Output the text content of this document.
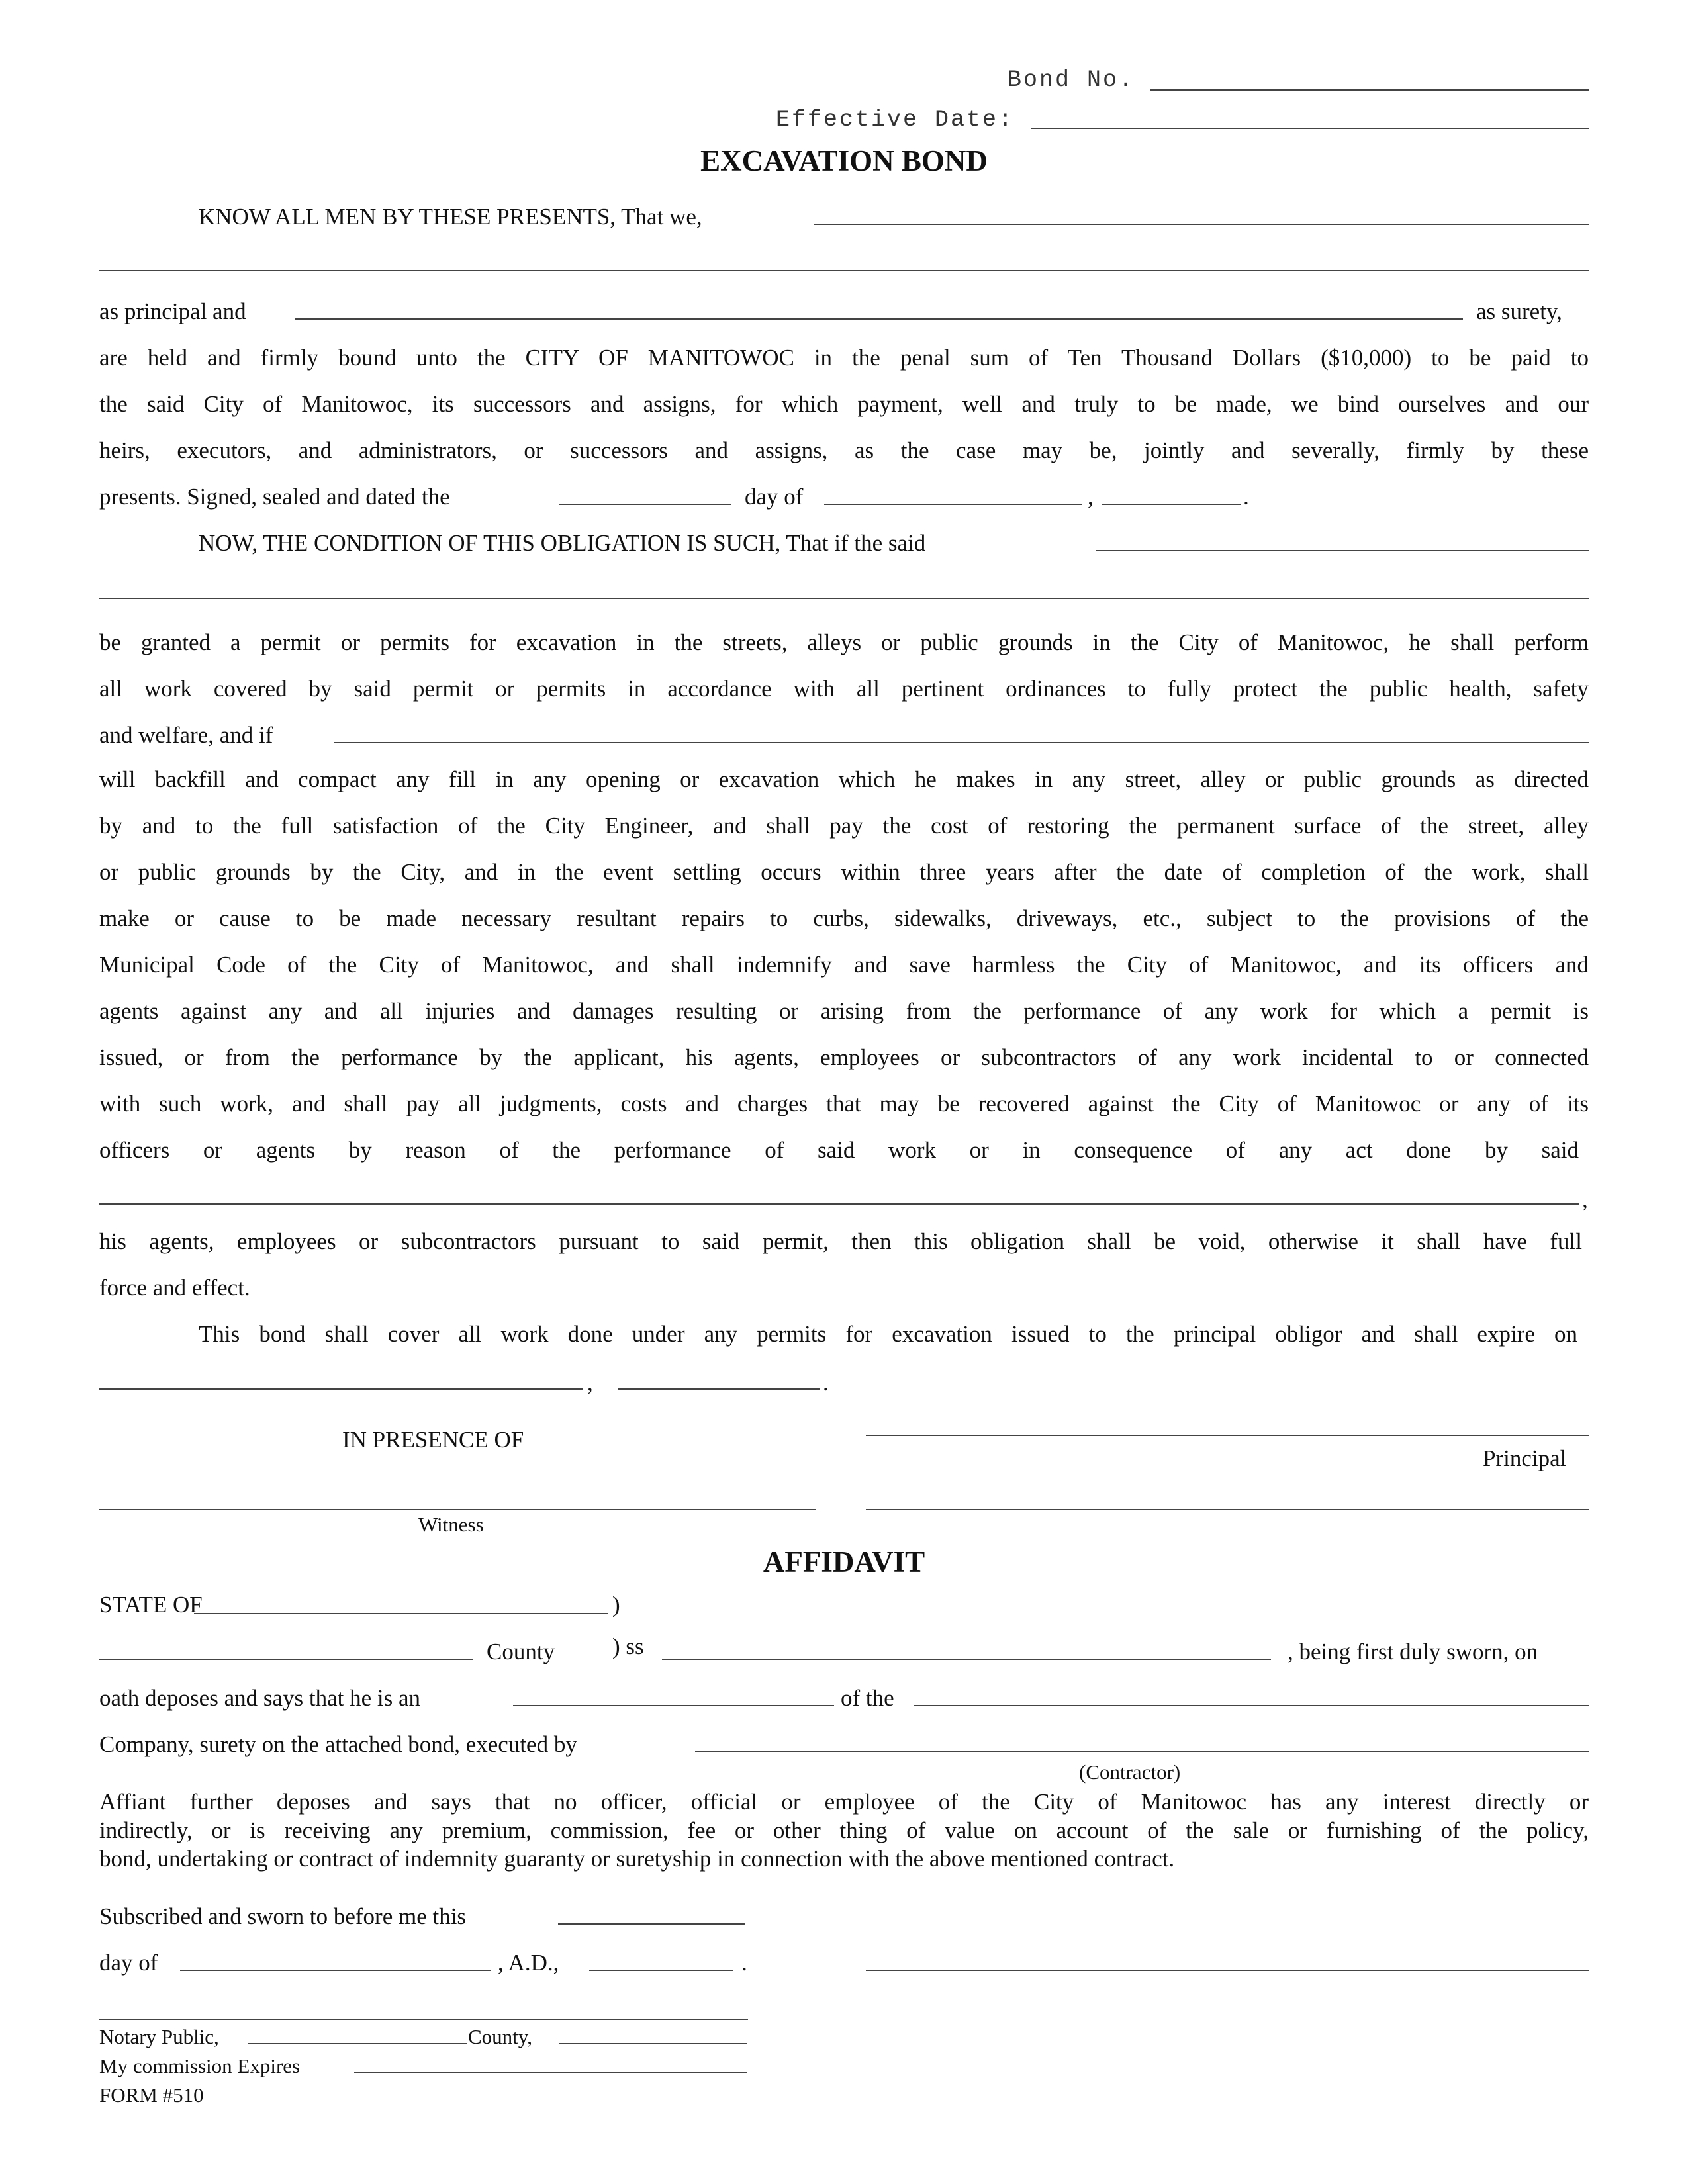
Bond No.
Effective Date:
EXCAVATION BOND
KNOW ALL MEN BY THESE PRESENTS, That we,
as principal and	as surety,
are held and firmly bound unto the CITY OF MANITOWOC in the penal sum of Ten Thousand Dollars ($10,000) to be paid to
the said City of Manitowoc, its successors and assigns, for which payment, well and truly to be made, we bind ourselves and our
heirs, executors, and administrators, or successors and assigns, as the case may be, jointly and severally, firmly by these
presents. Signed, sealed and dated the	day of	,	.
NOW, THE CONDITION OF THIS OBLIGATION IS SUCH, That if the said
be granted a permit or permits for excavation in the streets, alleys or public grounds in the City of Manitowoc, he shall perform
all work covered by said permit or permits in accordance with all pertinent ordinances to fully protect the public health, safety
and welfare, and if
will backfill and compact any fill in any opening or excavation which he makes in any street, alley or public grounds as directed
by and to the full satisfaction of the City Engineer, and shall pay the cost of restoring the permanent surface of the street, alley
or public grounds by the City, and in the event settling occurs within three years after the date of completion of the work, shall
make or cause to be made necessary resultant repairs to curbs, sidewalks, driveways, etc., subject to the provisions of the
Municipal Code of the City of Manitowoc, and shall indemnify and save harmless the City of Manitowoc, and its officers and
agents against any and all injuries and damages resulting or arising from the performance of any work for which a permit is
issued, or from the performance by the applicant, his agents, employees or subcontractors of any work incidental to or connected
with such work, and shall pay all judgments, costs and charges that may be recovered against the City of Manitowoc or any of its
officers or agents by reason of the performance of said work or in consequence of any act done by said
,
his agents, employees or subcontractors pursuant to said permit, then this obligation shall be void, otherwise it shall have full
force and effect.
This bond shall cover all work done under any permits for excavation issued to the principal obligor and shall expire on
,	.
IN PRESENCE OF
Principal
Witness
AFFIDAVIT
STATE OF	)
County ) ss	, being first duly sworn, on
oath deposes and says that he is an	of the
Company, surety on the attached bond, executed by
(Contractor)
Affiant further deposes and says that no officer, official or employee of the City of Manitowoc has any interest directly or
indirectly, or is receiving any premium, commission, fee or other thing of value on account of the sale or furnishing of the policy,
bond, undertaking or contract of indemnity guaranty or suretyship in connection with the above mentioned contract.
Subscribed and sworn to before me this
day of	, A.D.,	.
Notary Public,	County,
My commission Expires
FORM #510
